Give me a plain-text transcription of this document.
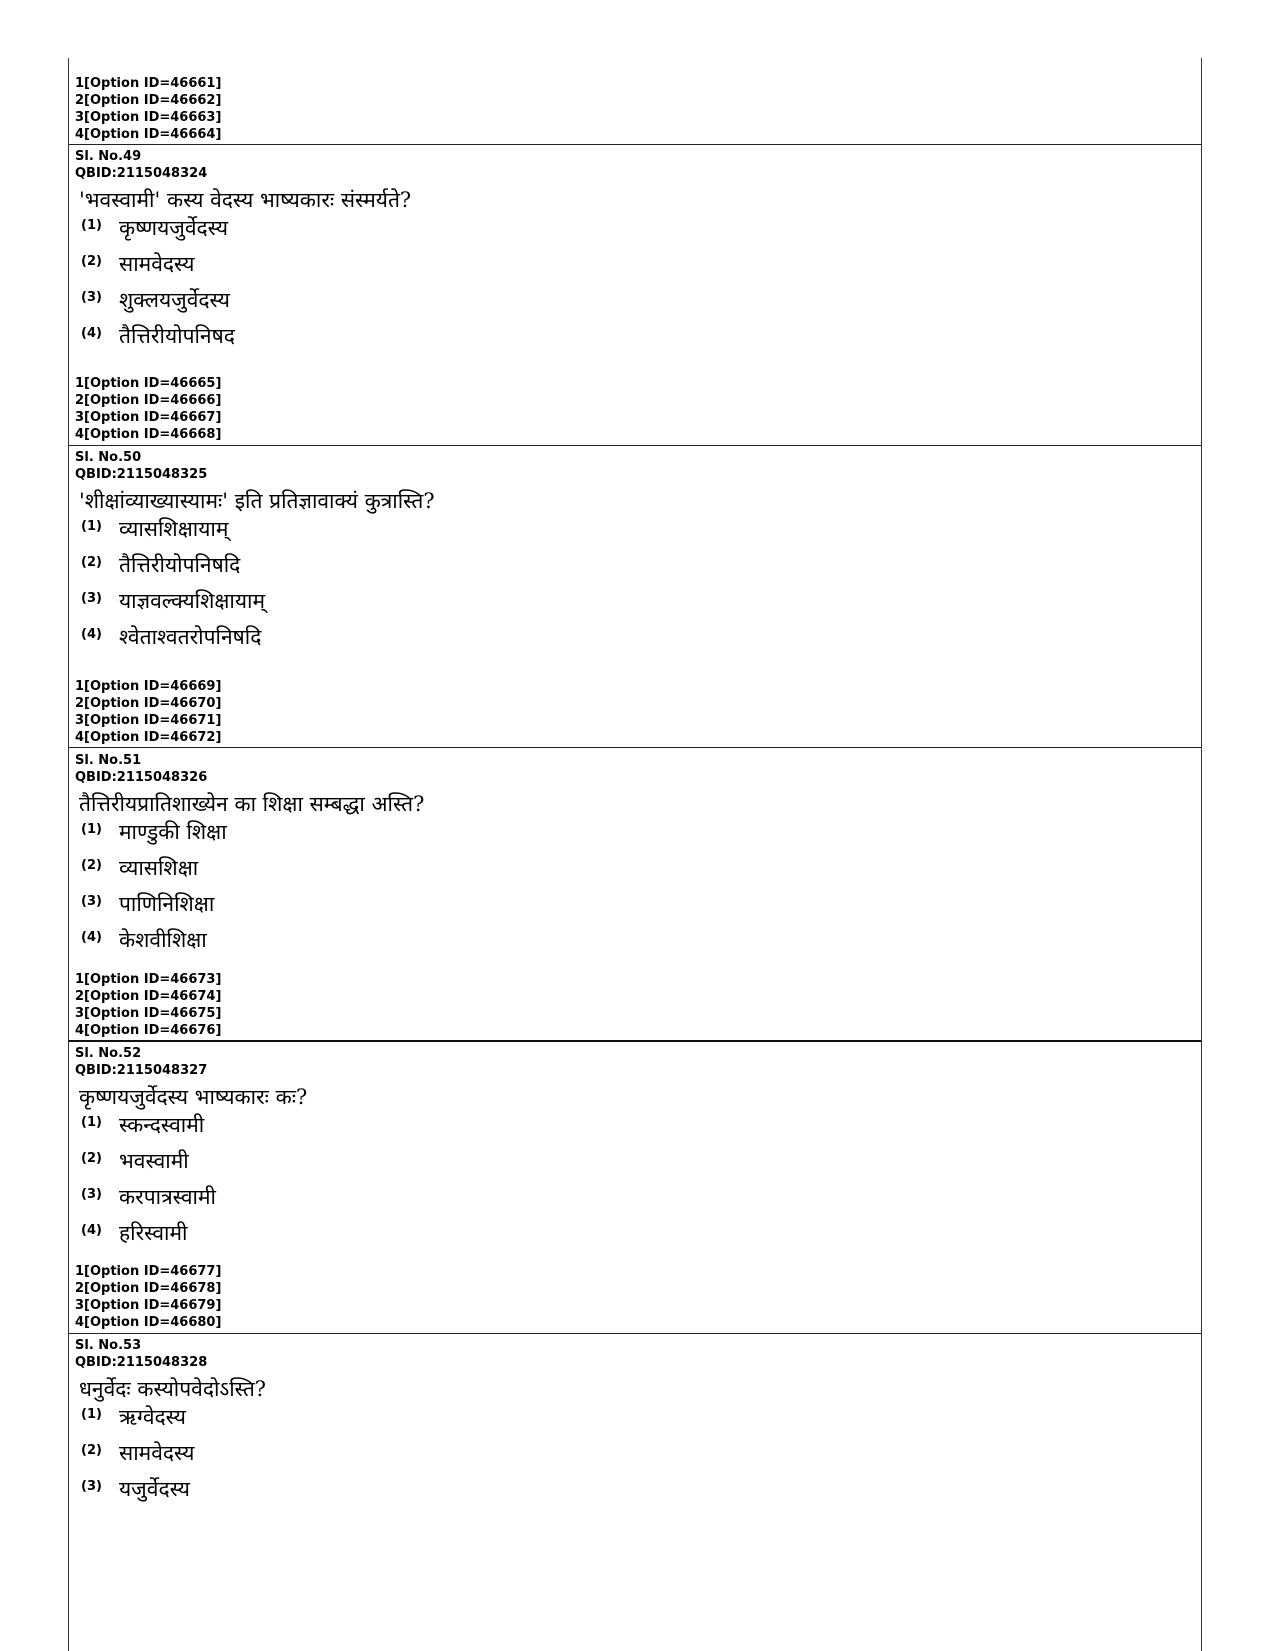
1[Option ID=46661]
2[Option ID=46662]
3[Option ID=46663]
4[Option ID=46664]
Sl. No.49
QBID:2115048324
'भवस्वामी' कस्य वेदस्य भाष्यकारः संस्मर्यते?
(1) कृष्णयजुर्वेदस्य
(2) सामवेदस्य
(3) शुक्लयजुर्वेदस्य
(4) तैत्तिरीयोपनिषद
1[Option ID=46665]
2[Option ID=46666]
3[Option ID=46667]
4[Option ID=46668]
Sl. No.50
QBID:2115048325
'शीक्षांव्याख्यास्यामः' इति प्रतिज्ञावाक्यं कुत्रास्ति?
(1) व्यासशिक्षायाम्
(2) तैत्तिरीयोपनिषदि
(3) याज्ञवल्क्यशिक्षायाम्
(4) श्वेताश्वतरोपनिषदि
1[Option ID=46669]
2[Option ID=46670]
3[Option ID=46671]
4[Option ID=46672]
Sl. No.51
QBID:2115048326
तैत्तिरीयप्रातिशाख्येन का शिक्षा सम्बद्धा अस्ति?
(1) माण्डुकी शिक्षा
(2) व्यासशिक्षा
(3) पाणिनिशिक्षा
(4) केशवीशिक्षा
1[Option ID=46673]
2[Option ID=46674]
3[Option ID=46675]
4[Option ID=46676]
Sl. No.52
QBID:2115048327
कृष्णयजुर्वेदस्य भाष्यकारः कः?
(1) स्कन्दस्वामी
(2) भवस्वामी
(3) करपात्रस्वामी
(4) हरिस्वामी
1[Option ID=46677]
2[Option ID=46678]
3[Option ID=46679]
4[Option ID=46680]
Sl. No.53
QBID:2115048328
धनुर्वेदः कस्योपवेदोऽस्ति?
(1) ऋग्वेदस्य
(2) सामवेदस्य
(3) यजुर्वेदस्य
